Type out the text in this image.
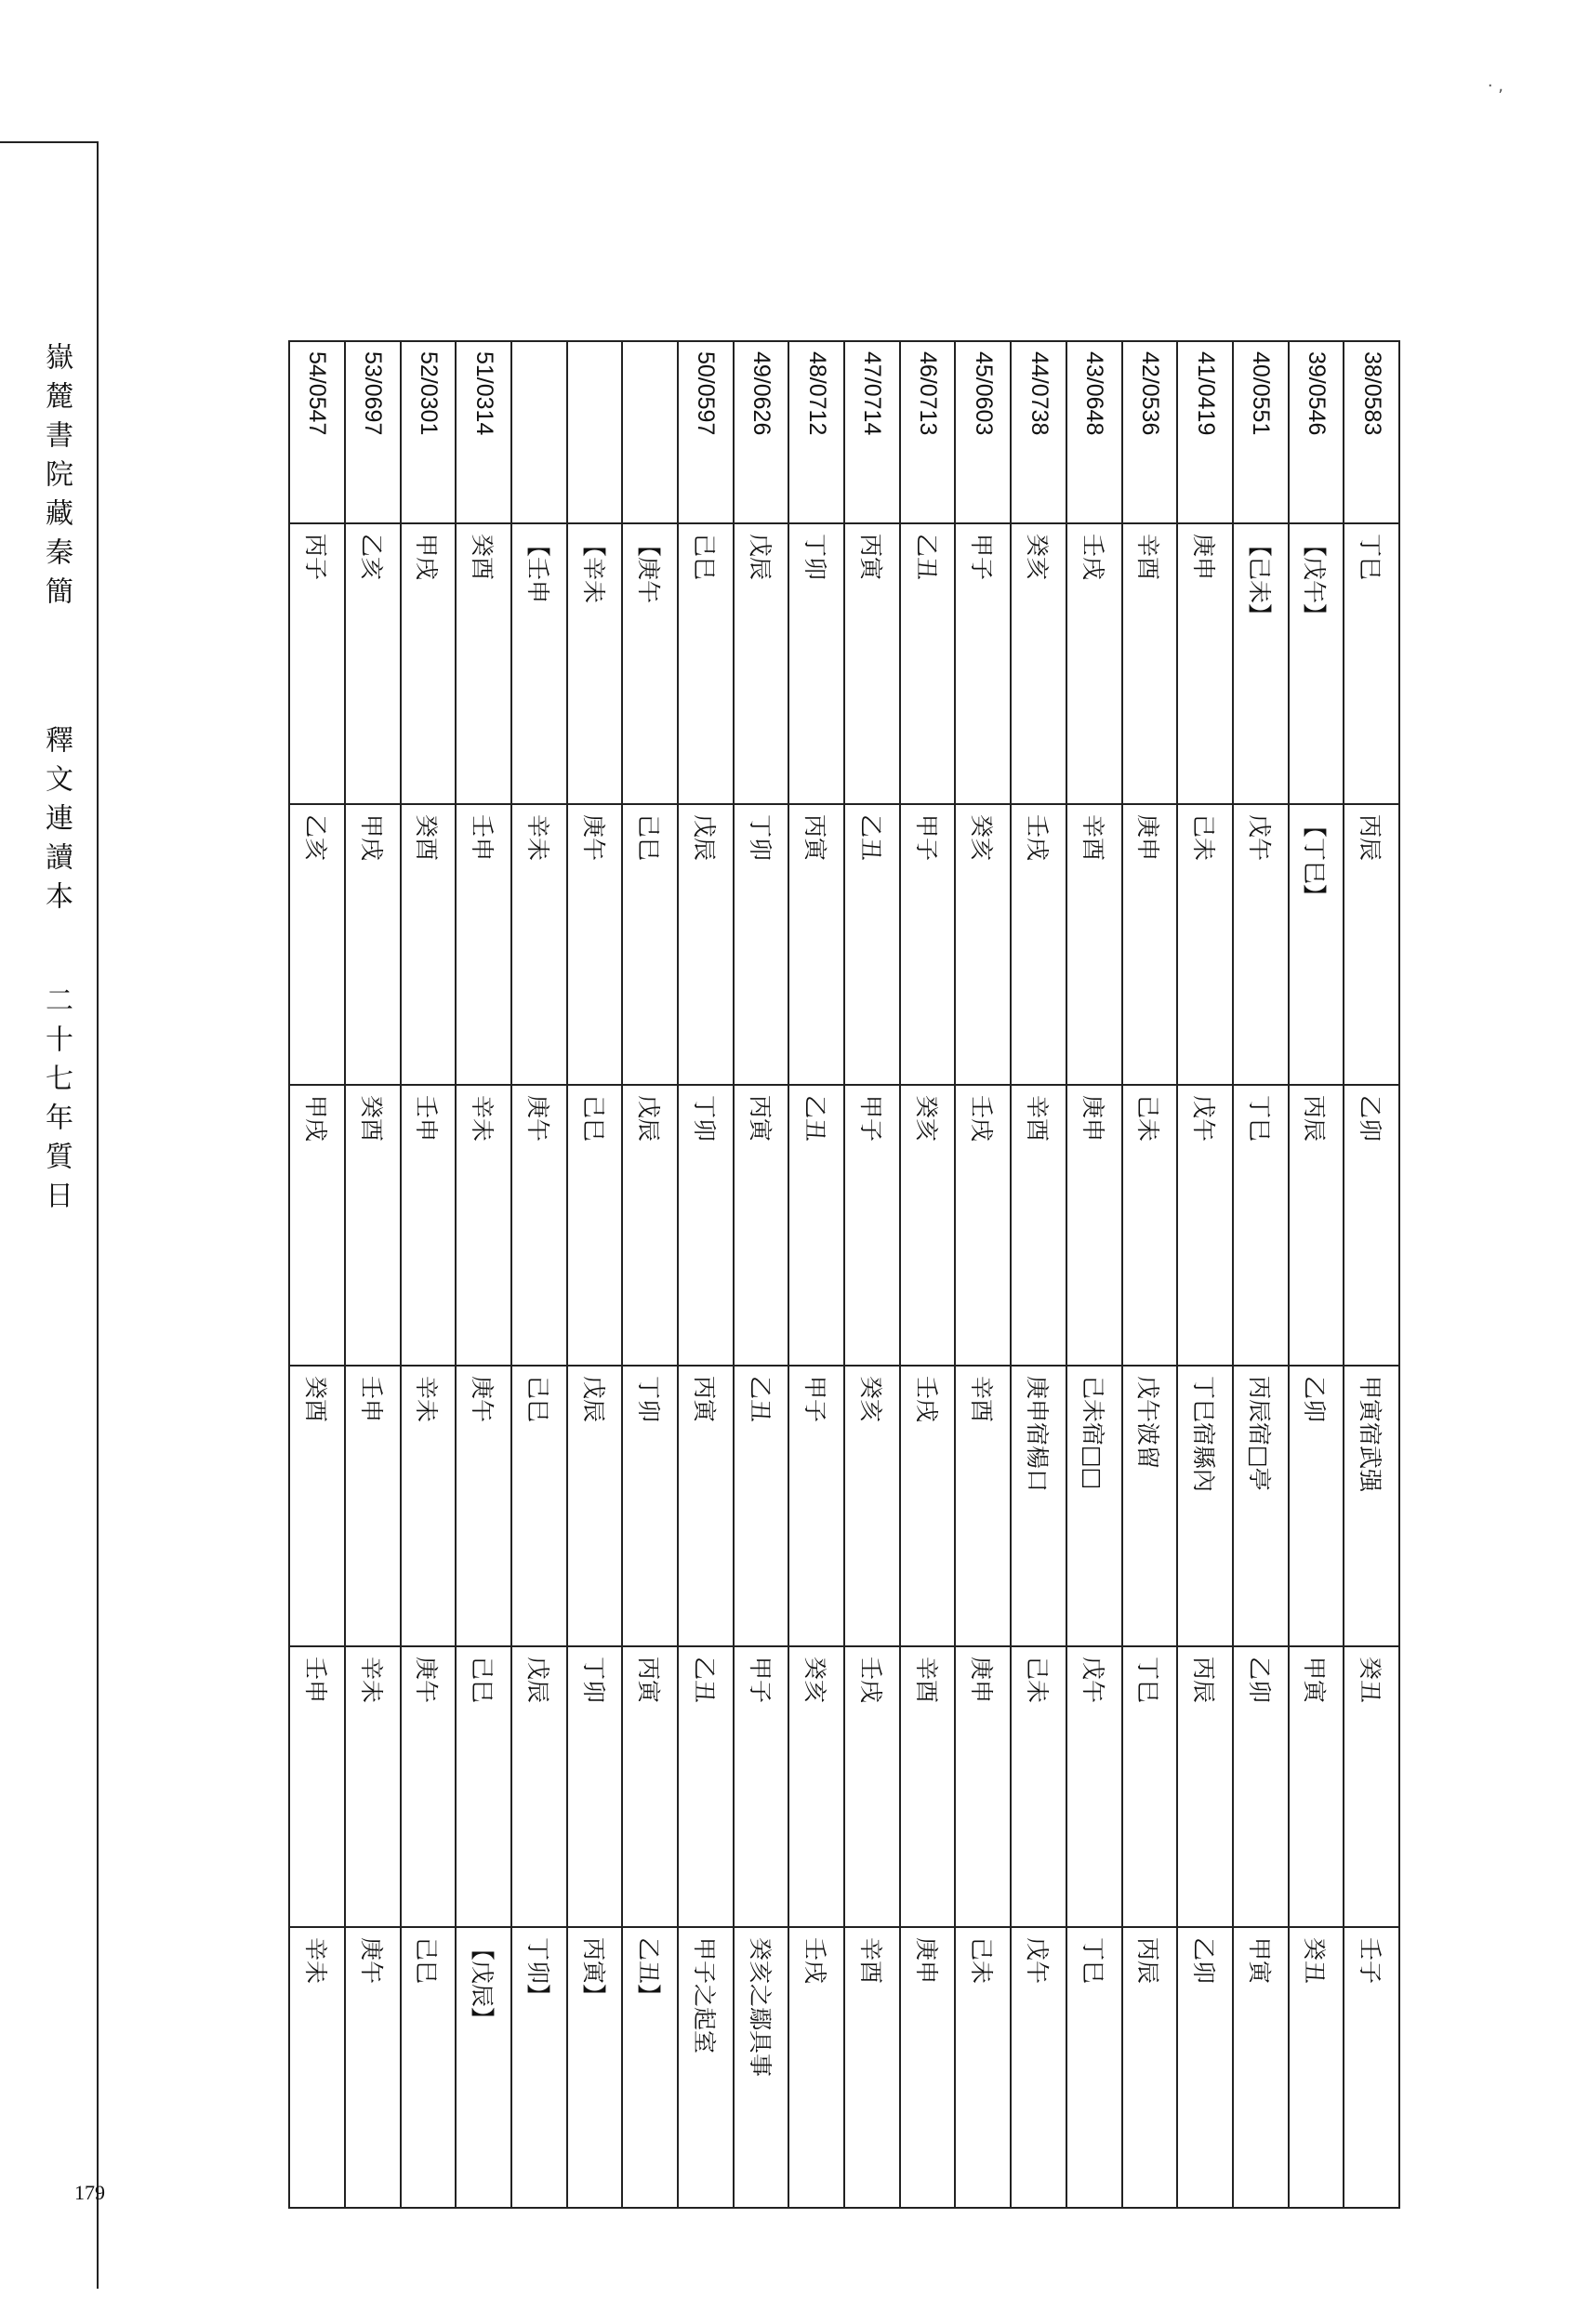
· ,
嶽麓書院藏秦簡
釋文連讀本
二十七年質日
179
38/0583	丁巳	丙辰	乙卯	甲寅宿武强	癸丑	壬子
39/0546	【戊午】	【丁巳】	丙辰	乙卯	甲寅	癸丑
40/0551	【己未】	戊午	丁巳	丙辰宿□亭	乙卯	甲寅
41/0419	庚申	己未	戊午	丁巳宿縣內	丙辰	乙卯
42/0536	辛酉	庚申	己未	戊午波留	丁巳	丙辰
43/0648	壬戌	辛酉	庚申	己未宿□□	戊午	丁巳
44/0738	癸亥	壬戌	辛酉	庚申宿楊口	己未	戊午
45/0603	甲子	癸亥	壬戌	辛酉	庚申	己未
46/0713	乙丑	甲子	癸亥	壬戌	辛酉	庚申
47/0714	丙寅	乙丑	甲子	癸亥	壬戌	辛酉
48/0712	丁卯	丙寅	乙丑	甲子	癸亥	壬戌
49/0626	戊辰	丁卯	丙寅	乙丑	甲子	癸亥之鄢具事
50/0597	己巳	戊辰	丁卯	丙寅	乙丑	甲子之起室
	【庚午	己巳	戊辰	丁卯	丙寅	乙丑】
	【辛未	庚午	己巳	戊辰	丁卯	丙寅】
	【壬申	辛未	庚午	己巳	戊辰	丁卯】
51/0314	癸酉	壬申	辛未	庚午	己巳	【戊辰】
52/0301	甲戌	癸酉	壬申	辛未	庚午	己巳
53/0697	乙亥	甲戌	癸酉	壬申	辛未	庚午
54/0547	丙子	乙亥	甲戌	癸酉	壬申	辛未
